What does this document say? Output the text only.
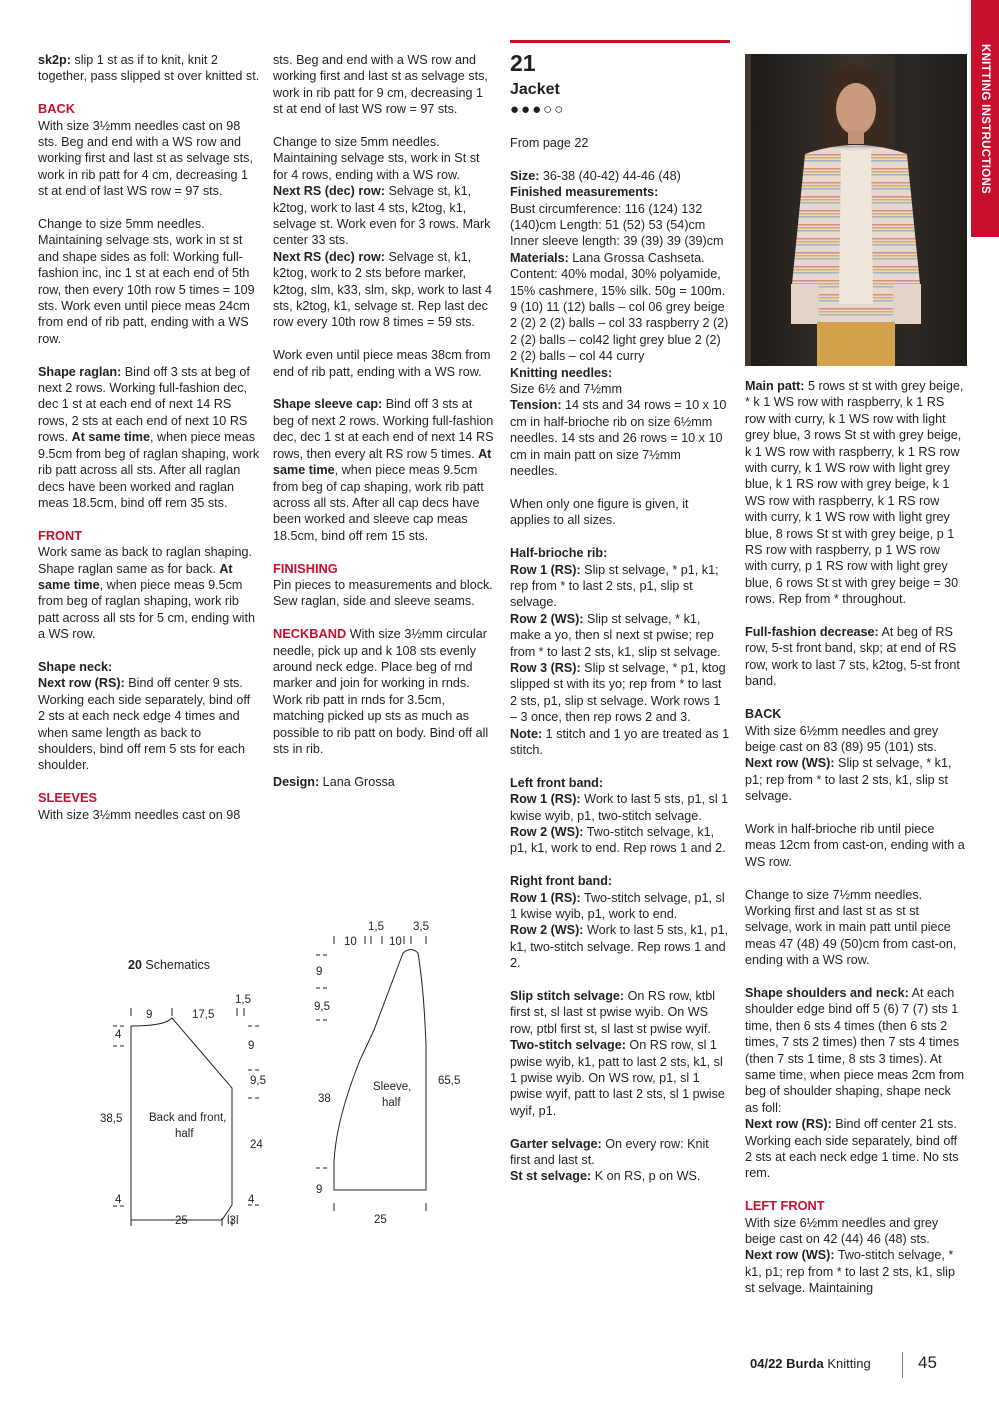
KNITTING INSTRUCTIONS

sk2p: slip 1 st as if to knit, knit 2 together, pass slipped st over knitted st.

BACK
With size 3½mm needles cast on 98 sts. Beg and end with a WS row and working first and last st as selvage sts, work in rib patt for 4 cm, decreasing 1 st at end of last WS row = 97 sts.

Change to size 5mm needles. Maintaining selvage sts, work in st st and shape sides as foll: Working full-fashion inc, inc 1 st at each end of 5th row, then every 10th row 5 times = 109 sts. Work even until piece meas 24cm from end of rib patt, ending with a WS row.

Shape raglan: Bind off 3 sts at beg of next 2 rows. Working full-fashion dec, dec 1 st at each end of next 14 RS rows, 2 sts at each end of next 10 RS rows. At same time, when piece meas 9.5cm from beg of raglan shaping, work rib patt across all sts. After all raglan decs have been worked and raglan meas 18.5cm, bind off rem 35 sts.

FRONT
Work same as back to raglan shaping. Shape raglan same as for back. At same time, when piece meas 9.5cm from beg of raglan shaping, work rib patt across all sts for 5 cm, ending with a WS row.

Shape neck:
Next row (RS): Bind off center 9 sts. Working each side separately, bind off 2 sts at each neck edge 4 times and when same length as back to shoulders, bind off rem 5 sts for each shoulder.

SLEEVES
With size 3½mm needles cast on 98

sts. Beg and end with a WS row and working first and last st as selvage sts, work in rib patt for 9 cm, decreasing 1 st at end of last WS row = 97 sts.

Change to size 5mm needles. Maintaining selvage sts, work in St st for 4 rows, ending with a WS row.
Next RS (dec) row: Selvage st, k1, k2tog, work to last 4 sts, k2tog, k1, selvage st. Work even for 3 rows. Mark center 33 sts.
Next RS (dec) row: Selvage st, k1, k2tog, work to 2 sts before marker, k2tog, slm, k33, slm, skp, work to last 4 sts, k2tog, k1, selvage st. Rep last dec row every 10th row 8 times = 59 sts.

Work even until piece meas 38cm from end of rib patt, ending with a WS row.

Shape sleeve cap: Bind off 3 sts at beg of next 2 rows. Working full-fashion dec, dec 1 st at each end of next 14 RS rows, then every alt RS row 5 times. At same time, when piece meas 9.5cm from beg of cap shaping, work rib patt across all sts. After all cap decs have been worked and sleeve cap meas 18.5cm, bind off rem 15 sts.

FINISHING
Pin pieces to measurements and block. Sew raglan, side and sleeve seams.

NECKBAND With size 3½mm circular needle, pick up and k 108 sts evenly around neck edge. Place beg of rnd marker and join for working in rnds. Work rib patt in rnds for 3.5cm, matching picked up sts as much as possible to rib patt on body. Bind off all sts in rib.

Design: Lana Grossa

21
Jacket
●●●○○

From page 22

Size: 36-38 (40-42) 44-46 (48)
Finished measurements:
Bust circumference: 116 (124) 132 (140)cm Length: 51 (52) 53 (54)cm Inner sleeve length: 39 (39) 39 (39)cm
Materials: Lana Grossa Cashseta. Content: 40% modal, 30% polyamide, 15% cashmere, 15% silk. 50g = 100m. 9 (10) 11 (12) balls – col 06 grey beige 2 (2) 2 (2) balls – col 33 raspberry 2 (2) 2 (2) balls – col42 light grey blue 2 (2) 2 (2) balls – col 44 curry
Knitting needles:
Size 6½ and 7½mm
Tension: 14 sts and 34 rows = 10 x 10 cm in half-brioche rib on size 6½mm needles. 14 sts and 26 rows = 10 x 10 cm in main patt on size 7½mm needles.

When only one figure is given, it applies to all sizes.

Half-brioche rib:
Row 1 (RS): Slip st selvage, * p1, k1; rep from * to last 2 sts, p1, slip st selvage.
Row 2 (WS): Slip st selvage, * k1, make a yo, then sl next st pwise; rep from * to last 2 sts, k1, slip st selvage.
Row 3 (RS): Slip st selvage, * p1, ktog slipped st with its yo; rep from * to last 2 sts, p1, slip st selvage. Work rows 1 – 3 once, then rep rows 2 and 3.
Note: 1 stitch and 1 yo are treated as 1 stitch.

Left front band:
Row 1 (RS): Work to last 5 sts, p1, sl 1 kwise wyib, p1, two-stitch selvage.
Row 2 (WS): Two-stitch selvage, k1, p1, k1, work to end. Rep rows 1 and 2.

Right front band:
Row 1 (RS): Two-stitch selvage, p1, sl 1 kwise wyib, p1, work to end.
Row 2 (WS): Work to last 5 sts, k1, p1, k1, two-stitch selvage. Rep rows 1 and 2.

Slip stitch selvage: On RS row, ktbl first st, sl last st pwise wyib. On WS row, ptbl first st, sl last st pwise wyif. Two-stitch selvage: On RS row, sl 1 pwise wyib, k1, patt to last 2 sts, k1, sl 1 pwise wyib. On WS row, p1, sl 1 pwise wyif, patt to last 2 sts, sl 1 pwise wyif, p1.

Garter selvage: On every row: Knit first and last st.
St st selvage: K on RS, p on WS.

Main patt: 5 rows st st with grey beige, * k 1 WS row with raspberry, k 1 RS row with curry, k 1 WS row with light grey blue, 3 rows St st with grey beige, k 1 WS row with raspberry, k 1 RS row with curry, k 1 WS row with light grey blue, k 1 RS row with grey beige, k 1 WS row with raspberry, k 1 RS row with curry, k 1 WS row with light grey blue, 8 rows St st with grey beige, p 1 RS row with raspberry, p 1 WS row with curry, p 1 RS row with light grey blue, 6 rows St st with grey beige = 30 rows. Rep from * throughout.

Full-fashion decrease: At beg of RS row, 5-st front band, skp; at end of RS row, work to last 7 sts, k2tog, 5-st front band.

BACK
With size 6½mm needles and grey beige cast on 83 (89) 95 (101) sts.
Next row (WS): Slip st selvage, * k1, p1; rep from * to last 2 sts, k1, slip st selvage.

Work in half-brioche rib until piece meas 12cm from cast-on, ending with a WS row.

Change to size 7½mm needles. Working first and last st as st st selvage, work in main patt until piece meas 47 (48) 49 (50)cm from cast-on, ending with a WS row.

Shape shoulders and neck: At each shoulder edge bind off 5 (6) 7 (7) sts 1 time, then 6 sts 4 times (then 6 sts 2 times, 7 sts 2 times) then 7 sts 4 times (then 7 sts 1 time, 8 sts 3 times). At same time, when piece meas 2cm from beg of shoulder shaping, shape neck as foll:
Next row (RS): Bind off center 21 sts. Working each side separately, bind off 2 sts at each neck edge 1 time. No sts rem.

LEFT FRONT
With size 6½mm needles and grey beige cast on 42 (44) 46 (48) sts.
Next row (WS): Two-stitch selvage, * k1, p1; rep from * to last 2 sts, k1, slip st selvage. Maintaining

20 Schematics
9	17,5
1,5
4
9
9,5
38,5
24
4	4
25	l3l
Back and front,
half
1,5	3,5
10	10
9
9,5
38
65,5
9
25
Sleeve,
half
04/22 Burda Knitting	45
